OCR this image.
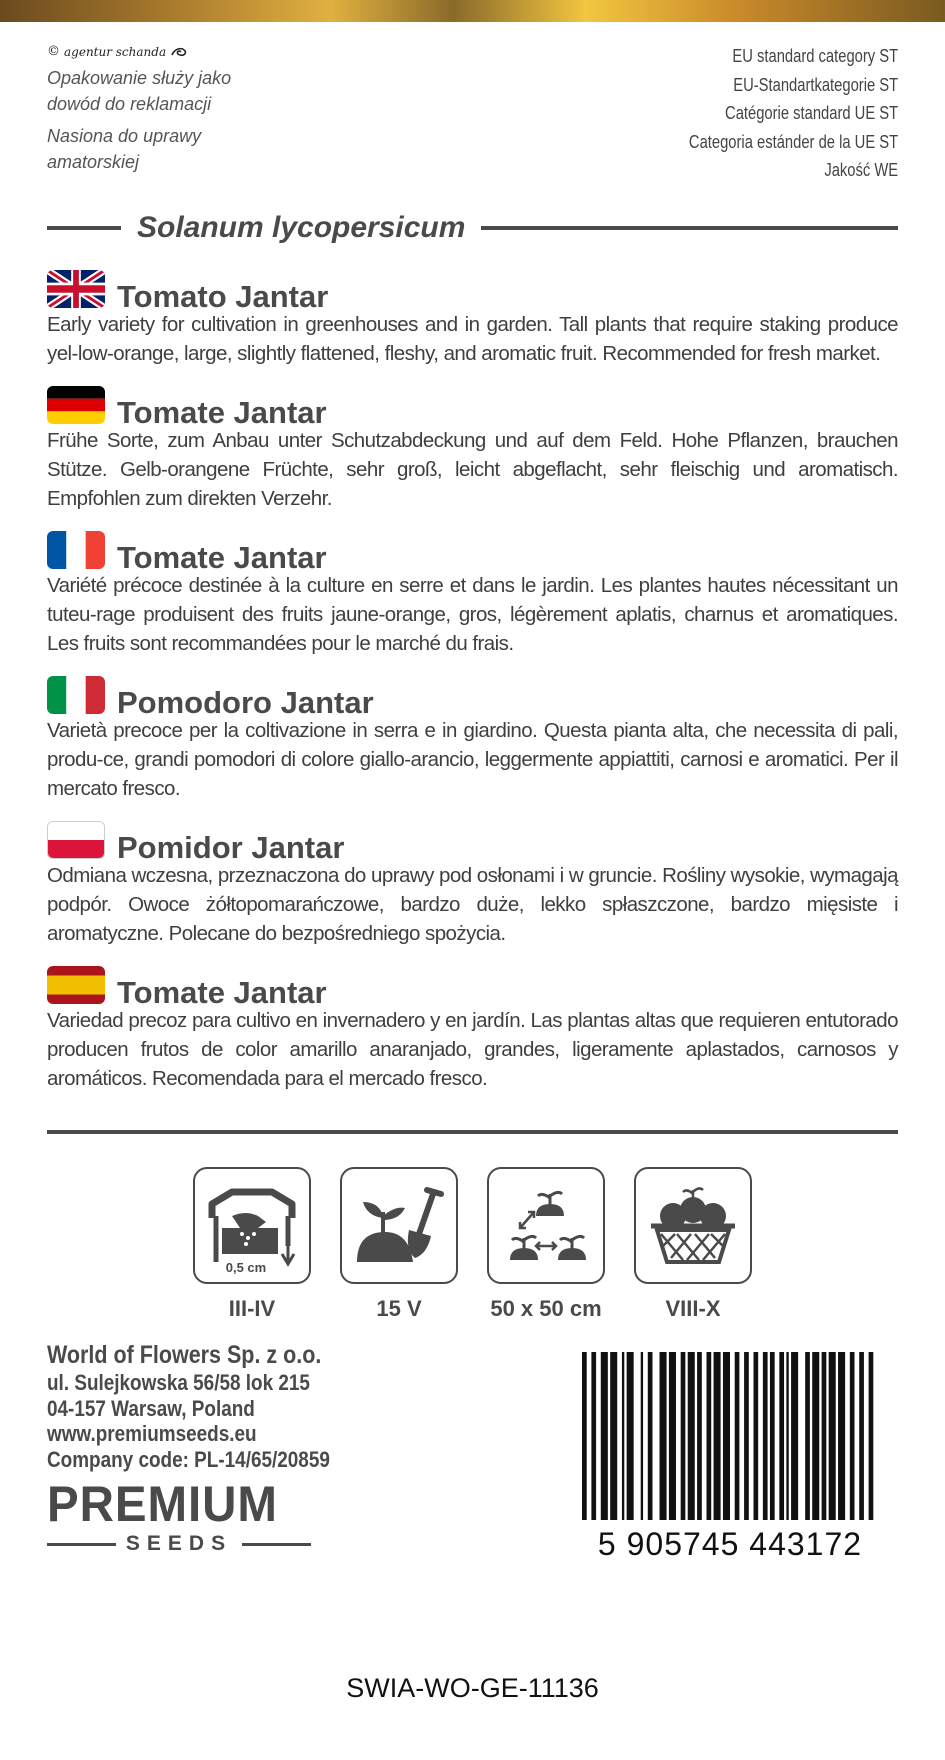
© agentur schanda
Opakowanie służy jako
dowód do reklamacji
Nasiona do uprawy
amatorskiej
EU standard category ST
EU-Standartkategorie ST
Catégorie standard UE ST
Categoria estánder de la UE ST
Jakość WE
Solanum lycopersicum
Tomato Jantar

Early variety for cultivation in greenhouses and in garden. Tall plants that require staking produce yel-low-orange, large, slightly flattened, fleshy, and aromatic fruit. Recommended for fresh market.

Tomate Jantar

Frühe Sorte, zum Anbau unter Schutzabdeckung und auf dem Feld. Hohe Pflanzen, brauchen Stütze. Gelb-orangene Früchte, sehr groß, leicht abgeflacht, sehr fleischig und aromatisch. Empfohlen zum direkten Verzehr.

Tomate Jantar

Variété précoce destinée à la culture en serre et dans le jardin. Les plantes hautes nécessitant un tuteu-rage produisent des fruits jaune-orange, gros, légèrement aplatis, charnus et aromatiques. Les fruits sont recommandées pour le marché du frais.

Pomodoro Jantar

Varietà precoce per la coltivazione in serra e in giardino. Questa pianta alta, che necessita di pali, produ-ce, grandi pomodori di colore giallo-arancio, leggermente appiattiti, carnosi e aromatici. Per il mercato fresco.

Pomidor Jantar

Odmiana wczesna, przeznaczona do uprawy pod osłonami i w gruncie. Rośliny wysokie, wymagają podpór. Owoce żółtopomarańczowe, bardzo duże, lekko spłaszczone, bardzo mięsiste i aromatyczne. Polecane do bezpośredniego spożycia.

Tomate Jantar

Variedad precoz para cultivo en invernadero y en jardín. Las plantas altas que requieren entutorado producen frutos de color amarillo anaranjado, grandes, ligeramente aplastados, carnosos y aromáticos. Recomendada para el mercado fresco.

0,5 cm
III-IV	15 V	50 x 50 cm	VIII-X
World of Flowers Sp. z o.o.
ul. Sulejkowska 56/58 lok 215
04-157 Warsaw, Poland
www.premiumseeds.eu
Company code: PL-14/65/20859
PREMIUM
SEEDS	5 905745 443172
SWIA-WO-GE-11136
